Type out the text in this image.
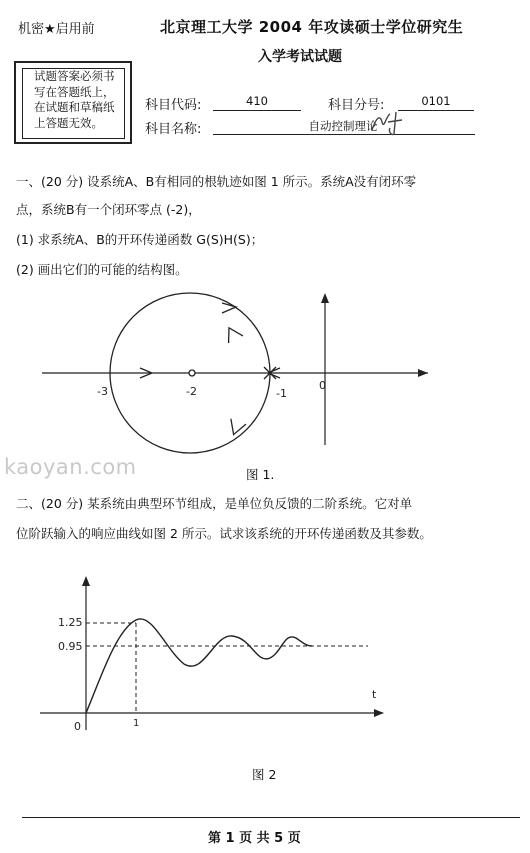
机密★启用前	北京理工大学 2004 年攻读硕士学位研究生
入学考试试题
试题答案必须书
写在答题纸上，
在试题和草稿纸
上答题无效。
科目代码:	410	科目分号:	0101
科目名称:	自动控制理论
一、(20 分) 设系统A、B有相同的根轨迹如图 1 所示。系统A没有闭环零
点，系统B有一个闭环零点 (-2)，
(1) 求系统A、B的开环传递函数 G(S)H(S)；
(2) 画出它们的可能的结构图。
-3	-2	-1
0
kaoyan.com	图 1.
二、(20 分) 某系统由典型环节组成，是单位负反馈的二阶系统。它对单
位阶跃输入的响应曲线如图 2 所示。试求该系统的开环传递函数及其参数。
1.25
0.95
0	1
t
图 2
第 1 页 共 5 页
